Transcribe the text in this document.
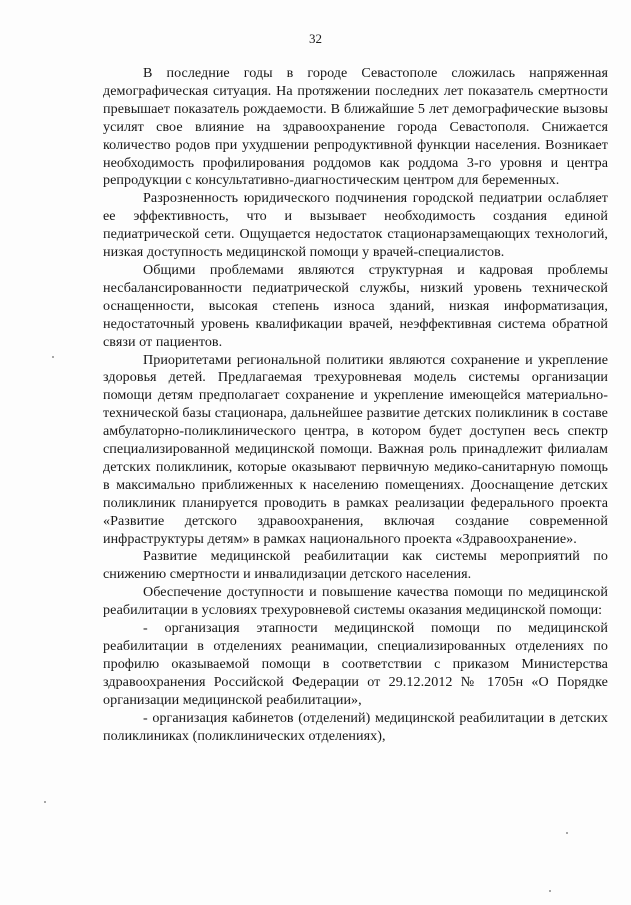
32

В последние годы в городе Севастополе сложилась напряженная демографическая ситуация. На протяжении последних лет показатель смертности превышает показатель рождаемости. В ближайшие 5 лет демографические вызовы усилят свое влияние на здравоохранение города Севастополя. Снижается количество родов при ухудшении репродуктивной функции населения. Возникает необходимость профилирования роддомов как роддома 3-го уровня и центра репродукции с консультативно-диагностическим центром для беременных.

Разрозненность юридического подчинения городской педиатрии ослабляет ее эффективность, что и вызывает необходимость создания единой педиатрической сети. Ощущается недостаток стационарзамещающих технологий, низкая доступность медицинской помощи у врачей-специалистов.

Общими проблемами являются структурная и кадровая проблемы несбалансированности педиатрической службы, низкий уровень технической оснащенности, высокая степень износа зданий, низкая информатизация, недостаточный уровень квалификации врачей, неэффективная система обратной связи от пациентов.

Приоритетами региональной политики являются сохранение и укрепление здоровья детей. Предлагаемая трехуровневая модель системы организации помощи детям предполагает сохранение и укрепление имеющейся материально-технической базы стационара, дальнейшее развитие детских поликлиник в составе амбулаторно-поликлинического центра, в котором будет доступен весь спектр специализированной медицинской помощи. Важная роль принадлежит филиалам детских поликлиник, которые оказывают первичную медико-санитарную помощь в максимально приближенных к населению помещениях. Дооснащение детских поликлиник планируется проводить в рамках реализации федерального проекта «Развитие детского здравоохранения, включая создание современной инфраструктуры детям» в рамках национального проекта «Здравоохранение».

Развитие медицинской реабилитации как системы мероприятий по снижению смертности и инвалидизации детского населения.

Обеспечение доступности и повышение качества помощи по медицинской реабилитации в условиях трехуровневой системы оказания медицинской помощи:

- организация этапности медицинской помощи по медицинской реабилитации в отделениях реанимации, специализированных отделениях по профилю оказываемой помощи в соответствии с приказом Министерства здравоохранения Российской Федерации от 29.12.2012 № 1705н «О Порядке организации медицинской реабилитации»,

- организация кабинетов (отделений) медицинской реабилитации в детских поликлиниках (поликлинических отделениях),
